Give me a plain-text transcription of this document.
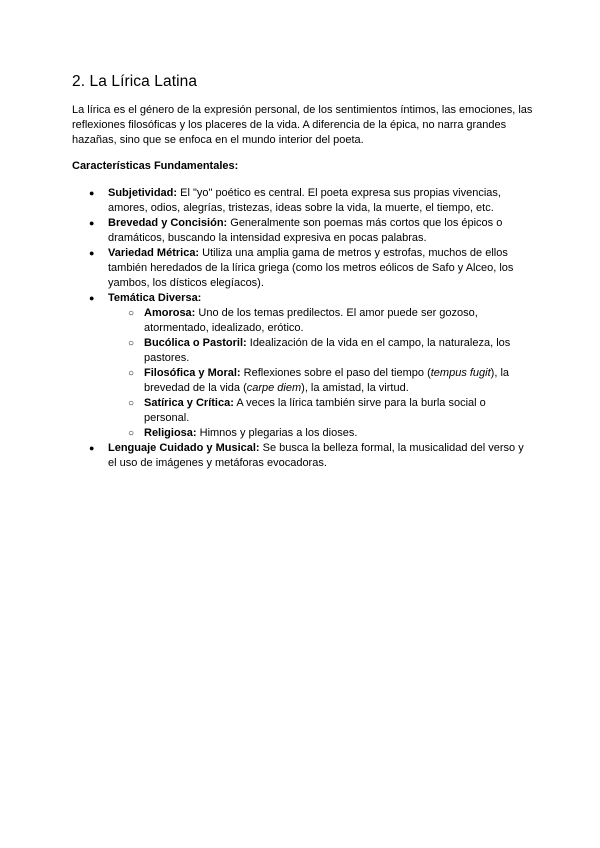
2. La Lírica Latina

La lírica es el género de la expresión personal, de los sentimientos íntimos, las emociones, las reflexiones filosóficas y los placeres de la vida. A diferencia de la épica, no narra grandes hazañas, sino que se enfoca en el mundo interior del poeta.

Características Fundamentales:
● Subjetividad: El "yo" poético es central. El poeta expresa sus propias vivencias, amores, odios, alegrías, tristezas, ideas sobre la vida, la muerte, el tiempo, etc.
● Brevedad y Concisión: Generalmente son poemas más cortos que los épicos o dramáticos, buscando la intensidad expresiva en pocas palabras.
● Variedad Métrica: Utiliza una amplia gama de metros y estrofas, muchos de ellos también heredados de la lírica griega (como los metros eólicos de Safo y Alceo, los yambos, los dísticos elegíacos).
● Temática Diversa:
○ Amorosa: Uno de los temas predilectos. El amor puede ser gozoso, atormentado, idealizado, erótico.
○ Bucólica o Pastoril: Idealización de la vida en el campo, la naturaleza, los pastores.
○ Filosófica y Moral: Reflexiones sobre el paso del tiempo (tempus fugit), la brevedad de la vida (carpe diem), la amistad, la virtud.
○ Satírica y Crítica: A veces la lírica también sirve para la burla social o personal.
○ Religiosa: Himnos y plegarias a los dioses.
● Lenguaje Cuidado y Musical: Se busca la belleza formal, la musicalidad del verso y el uso de imágenes y metáforas evocadoras.
